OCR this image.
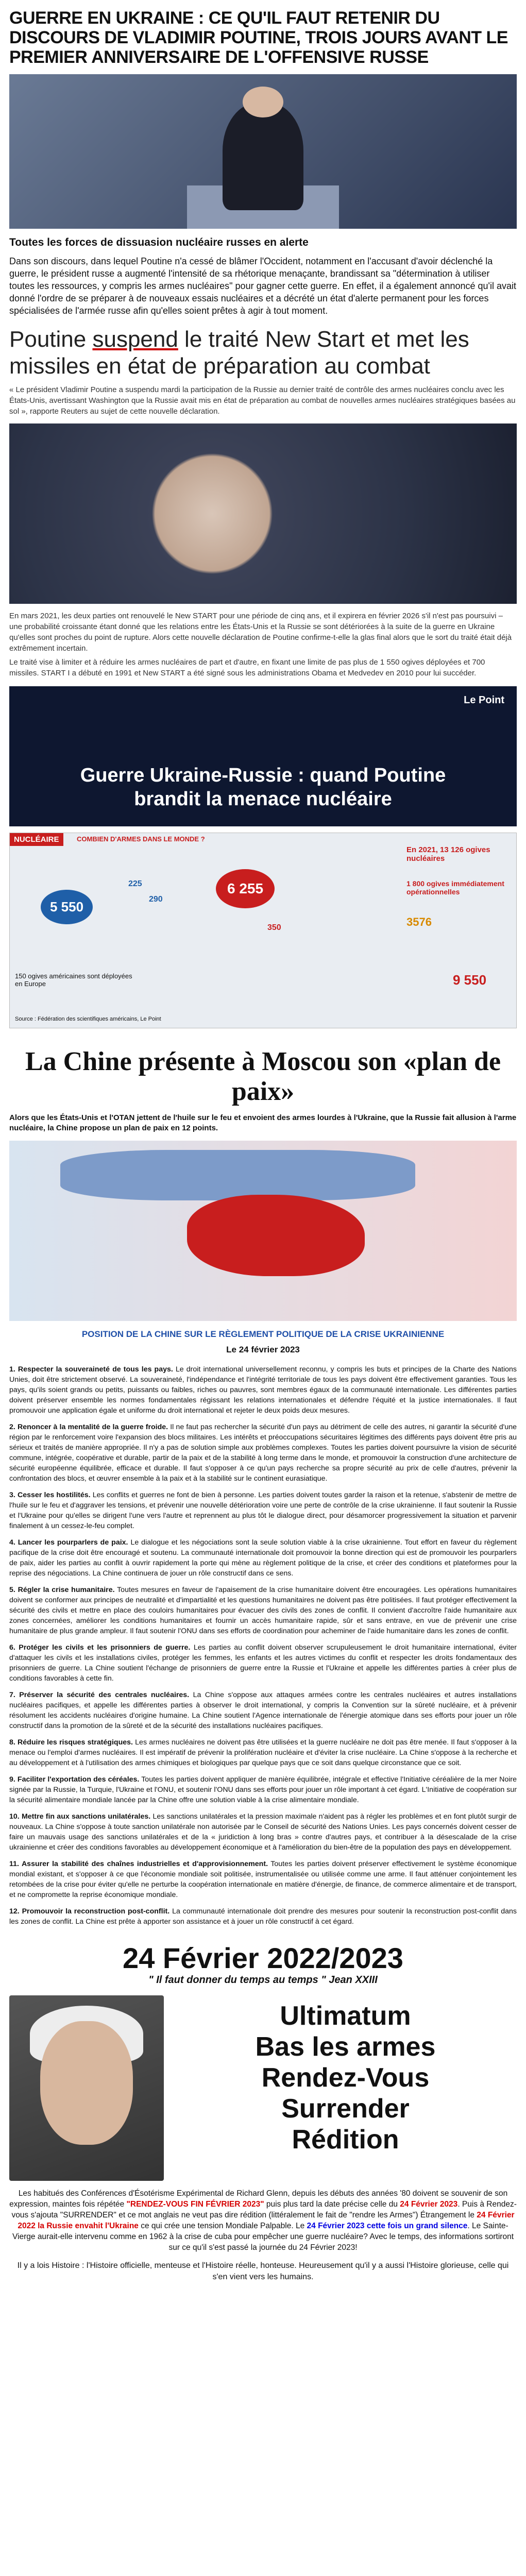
GUERRE EN UKRAINE : CE QU'IL FAUT RETENIR DU DISCOURS DE VLADIMIR POUTINE, TROIS JOURS AVANT LE PREMIER ANNIVERSAIRE DE L'OFFENSIVE RUSSE

Toutes les forces de dissuasion nucléaire russes en alerte

Dans son discours, dans lequel Poutine n'a cessé de blâmer l'Occident, notamment en l'accusant d'avoir déclenché la guerre, le président russe a augmenté l'intensité de sa rhétorique menaçante, brandissant sa "détermination à utiliser toutes les ressources, y compris les armes nucléaires" pour gagner cette guerre. En effet, il a également annoncé qu'il avait donné l'ordre de se préparer à de nouveaux essais nucléaires et a décrété un état d'alerte permanent pour les forces spécialisées de l'armée russe afin qu'elles soient prêtes à agir à tout moment.

Poutine suspend le traité New Start et met les missiles en état de préparation au combat

« Le président Vladimir Poutine a suspendu mardi la participation de la Russie au dernier traité de contrôle des armes nucléaires conclu avec les États-Unis, avertissant Washington que la Russie avait mis en état de préparation au combat de nouvelles armes nucléaires stratégiques basées au sol », rapporte Reuters au sujet de cette nouvelle déclaration.

En mars 2021, les deux parties ont renouvelé le New START pour une période de cinq ans, et il expirera en février 2026 s'il n'est pas poursuivi – une probabilité croissante étant donné que les relations entre les États-Unis et la Russie se sont détériorées à la suite de la guerre en Ukraine qu'elles sont proches du point de rupture. Alors cette nouvelle déclaration de Poutine confirme-t-elle la glas final alors que le sort du traité était déjà extrêmement incertain.

Le traité vise à limiter et à réduire les armes nucléaires de part et d'autre, en fixant une limite de pas plus de 1 550 ogives déployées et 700 missiles. START I a débuté en 1991 et New START a été signé sous les administrations Obama et Medvedev en 2010 pour lui succéder.

Le Point
Guerre Ukraine-Russie : quand Poutine brandit la menace nucléaire
NUCLÉAIRE	COMBIEN D'ARMES DANS LE MONDE ?
5 550
6 255
290
225
350
En 2021, 13 126 ogives nucléaires
1 800 ogives immédiatement opérationnelles
3576
9 550
150 ogives américaines sont déployées en Europe
Source : Fédération des scientifiques américains, Le Point
La Chine présente à Moscou son «plan de paix»

Alors que les États-Unis et l'OTAN jettent de l'huile sur le feu et envoient des armes lourdes à l'Ukraine, que la Russie fait allusion à l'arme nucléaire, la Chine propose un plan de paix en 12 points.

POSITION DE LA CHINE SUR LE RÈGLEMENT POLITIQUE DE LA CRISE UKRAINIENNE

Le 24 février 2023

1. Respecter la souveraineté de tous les pays. Le droit international universellement reconnu, y compris les buts et principes de la Charte des Nations Unies, doit être strictement observé. La souveraineté, l'indépendance et l'intégrité territoriale de tous les pays doivent être effectivement garanties. Tous les pays, qu'ils soient grands ou petits, puissants ou faibles, riches ou pauvres, sont membres égaux de la communauté internationale. Les différentes parties doivent préserver ensemble les normes fondamentales régissant les relations internationales et défendre l'équité et la justice internationales. Il faut promouvoir une application égale et uniforme du droit international et rejeter le deux poids deux mesures.

2. Renoncer à la mentalité de la guerre froide. Il ne faut pas rechercher la sécurité d'un pays au détriment de celle des autres, ni garantir la sécurité d'une région par le renforcement voire l'expansion des blocs militaires. Les intérêts et préoccupations sécuritaires légitimes des différents pays doivent être pris au sérieux et traités de manière appropriée. Il n'y a pas de solution simple aux problèmes complexes. Toutes les parties doivent poursuivre la vision de sécurité commune, intégrée, coopérative et durable, partir de la paix et de la stabilité à long terme dans le monde, et promouvoir la construction d'une architecture de sécurité européenne équilibrée, efficace et durable. Il faut s'opposer à ce qu'un pays recherche sa propre sécurité au prix de celle d'autres, prévenir la confrontation des blocs, et œuvrer ensemble à la paix et à la stabilité sur le continent eurasiatique.

3. Cesser les hostilités. Les conflits et guerres ne font de bien à personne. Les parties doivent toutes garder la raison et la retenue, s'abstenir de mettre de l'huile sur le feu et d'aggraver les tensions, et prévenir une nouvelle détérioration voire une perte de contrôle de la crise ukrainienne. Il faut soutenir la Russie et l'Ukraine pour qu'elles se dirigent l'une vers l'autre et reprennent au plus tôt le dialogue direct, pour désamorcer progressivement la situation et parvenir finalement à un cessez-le-feu complet.

4. Lancer les pourparlers de paix. Le dialogue et les négociations sont la seule solution viable à la crise ukrainienne. Tout effort en faveur du règlement pacifique de la crise doit être encouragé et soutenu. La communauté internationale doit promouvoir la bonne direction qui est de promouvoir les pourparlers de paix, aider les parties au conflit à ouvrir rapidement la porte qui mène au règlement politique de la crise, et créer des conditions et plateformes pour la reprise des négociations. La Chine continuera de jouer un rôle constructif dans ce sens.

5. Régler la crise humanitaire. Toutes mesures en faveur de l'apaisement de la crise humanitaire doivent être encouragées. Les opérations humanitaires doivent se conformer aux principes de neutralité et d'impartialité et les questions humanitaires ne doivent pas être politisées. Il faut protéger effectivement la sécurité des civils et mettre en place des couloirs humanitaires pour évacuer des civils des zones de conflit. Il convient d'accroître l'aide humanitaire aux zones concernées, améliorer les conditions humanitaires et fournir un accès humanitaire rapide, sûr et sans entrave, en vue de prévenir une crise humanitaire de plus grande ampleur. Il faut soutenir l'ONU dans ses efforts de coordination pour acheminer de l'aide humanitaire dans les zones de conflit.

6. Protéger les civils et les prisonniers de guerre. Les parties au conflit doivent observer scrupuleusement le droit humanitaire international, éviter d'attaquer les civils et les installations civiles, protéger les femmes, les enfants et les autres victimes du conflit et respecter les droits fondamentaux des prisonniers de guerre. La Chine soutient l'échange de prisonniers de guerre entre la Russie et l'Ukraine et appelle les différentes parties à créer plus de conditions favorables à cette fin.

7. Préserver la sécurité des centrales nucléaires. La Chine s'oppose aux attaques armées contre les centrales nucléaires et autres installations nucléaires pacifiques, et appelle les différentes parties à observer le droit international, y compris la Convention sur la sûreté nucléaire, et à prévenir résolument les accidents nucléaires d'origine humaine. La Chine soutient l'Agence internationale de l'énergie atomique dans ses efforts pour jouer un rôle constructif dans la promotion de la sûreté et de la sécurité des installations nucléaires pacifiques.

8. Réduire les risques stratégiques. Les armes nucléaires ne doivent pas être utilisées et la guerre nucléaire ne doit pas être menée. Il faut s'opposer à la menace ou l'emploi d'armes nucléaires. Il est impératif de prévenir la prolifération nucléaire et d'éviter la crise nucléaire. La Chine s'oppose à la recherche et au développement et à l'utilisation des armes chimiques et biologiques par quelque pays que ce soit dans quelque circonstance que ce soit.

9. Faciliter l'exportation des céréales. Toutes les parties doivent appliquer de manière équilibrée, intégrale et effective l'Initiative céréalière de la mer Noire signée par la Russie, la Turquie, l'Ukraine et l'ONU, et soutenir l'ONU dans ses efforts pour jouer un rôle important à cet égard. L'Initiative de coopération sur la sécurité alimentaire mondiale lancée par la Chine offre une solution viable à la crise alimentaire mondiale.

10. Mettre fin aux sanctions unilatérales. Les sanctions unilatérales et la pression maximale n'aident pas à régler les problèmes et en font plutôt surgir de nouveaux. La Chine s'oppose à toute sanction unilatérale non autorisée par le Conseil de sécurité des Nations Unies. Les pays concernés doivent cesser de faire un mauvais usage des sanctions unilatérales et de la « juridiction à long bras » contre d'autres pays, et contribuer à la désescalade de la crise ukrainienne et créer des conditions favorables au développement économique et à l'amélioration du bien-être de la population des pays en développement.

11. Assurer la stabilité des chaînes industrielles et d'approvisionnement. Toutes les parties doivent préserver effectivement le système économique mondial existant, et s'opposer à ce que l'économie mondiale soit politisée, instrumentalisée ou utilisée comme une arme. Il faut atténuer conjointement les retombées de la crise pour éviter qu'elle ne perturbe la coopération internationale en matière d'énergie, de finance, de commerce alimentaire et de transport, et ne compromette la reprise économique mondiale.

12. Promouvoir la reconstruction post-conflit. La communauté internationale doit prendre des mesures pour soutenir la reconstruction post-conflit dans les zones de conflit. La Chine est prête à apporter son assistance et à jouer un rôle constructif à cet égard.

24 Février 2022/2023

" Il faut donner du temps au temps " Jean XXIII

Ultimatum
Bas les armes
Rendez-Vous
Surrender
Rédition

Les habitués des Conférences d'Ésotérisme Expérimental de Richard Glenn, depuis les débuts des années '80 doivent se souvenir de son expression, maintes fois répétée "RENDEZ-VOUS FIN FÉVRIER 2023" puis plus tard la date précise celle du 24 Février 2023. Puis à Rendez-vous s'ajouta "SURRENDER" et ce mot anglais ne veut pas dire rédition (littéralement le fait de "rendre les Armes") Étrangement le 24 Février 2022 la Russie envahit l'Ukraine ce qui crée une tension Mondiale Palpable. Le 24 Février 2023 cette fois un grand silence. Le Sainte-Vierge aurait-elle intervenu comme en 1962 à la crise de cuba pour empêcher une guerre nucléaire? Avec le temps, des informations sortiront sur ce qu'il s'est passé la journée du 24 Février 2023!

Il y a lois Histoire : l'Histoire officielle, menteuse et l'Histoire réelle, honteuse. Heureusement qu'il y a aussi l'Histoire glorieuse, celle qui s'en vient vers les humains.
